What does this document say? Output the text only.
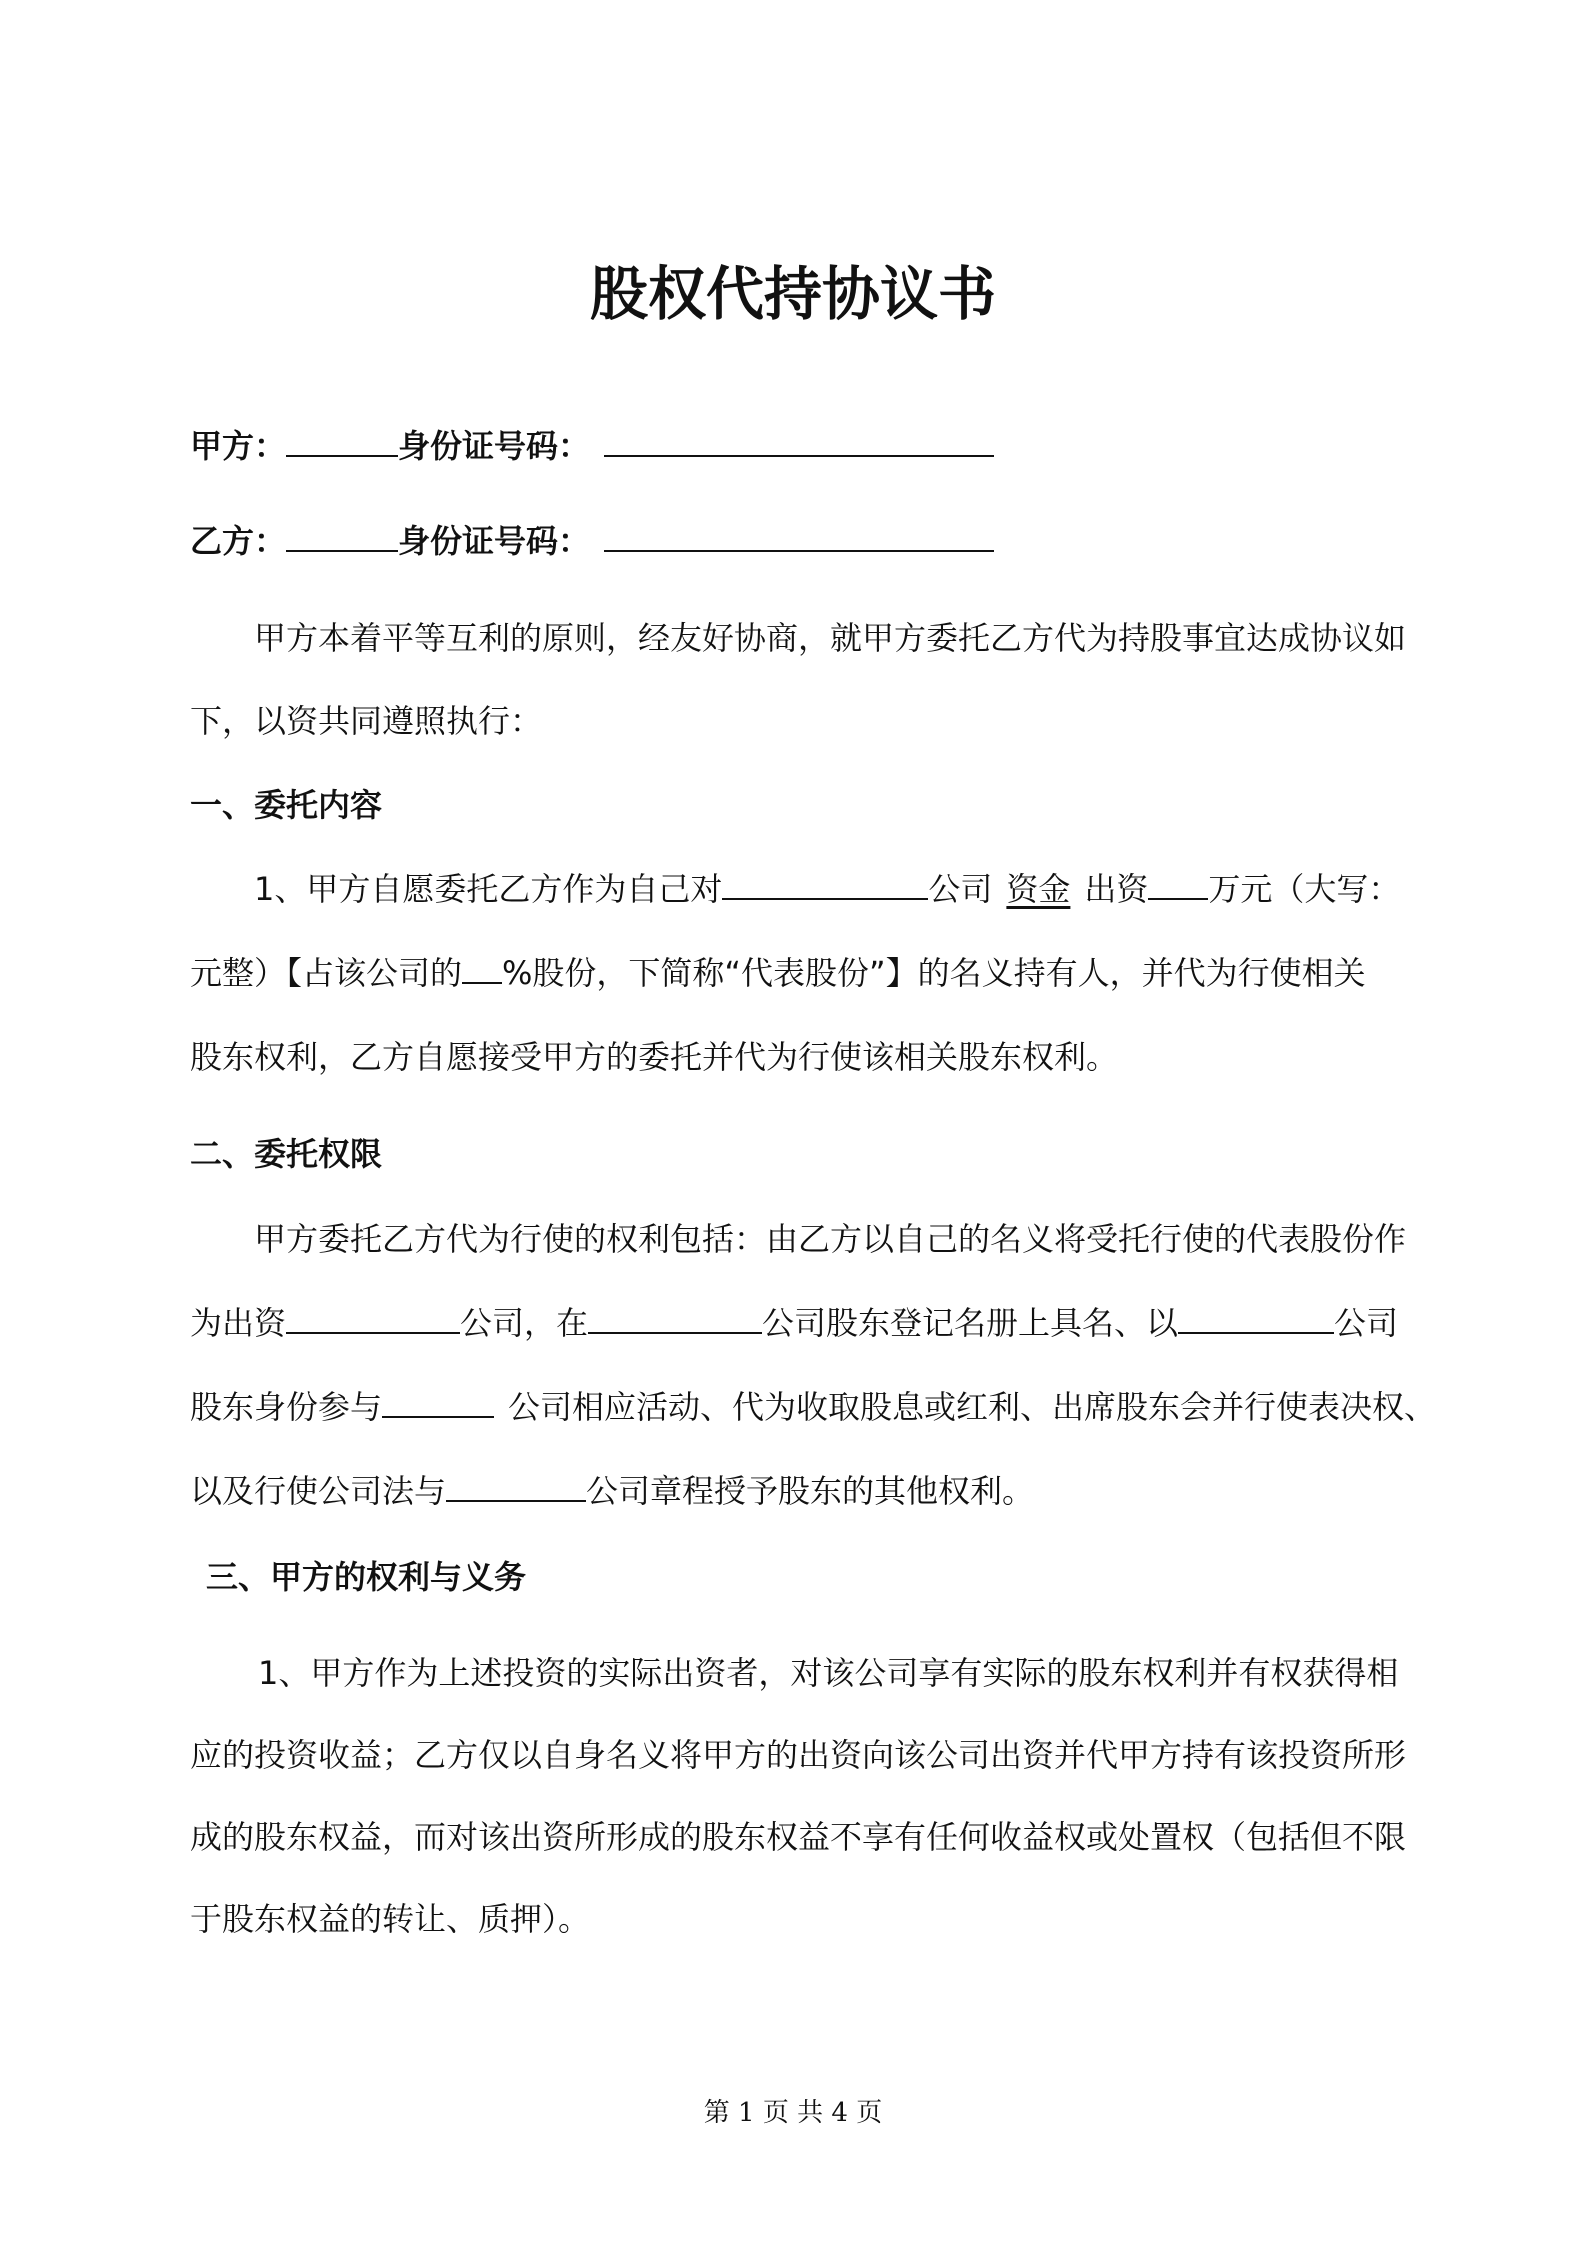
股权代持协议书
甲方：	身份证号码：
乙方：	身份证号码：
甲方本着平等互利的原则，经友好协商，就甲方委托乙方代为持股事宜达成协议如
下，以资共同遵照执行：
一、委托内容
1、甲方自愿委托乙方作为自己对	公司 资金 出资 万元（大写：
元整）【占该公司的 %股份，下简称“代表股份”】的名义持有人，并代为行使相关
股东权利，乙方自愿接受甲方的委托并代为行使该相关股东权利。
二、委托权限
甲方委托乙方代为行使的权利包括：由乙方以自己的名义将受托行使的代表股份作
为出资	公司，在	公司股东登记名册上具名、以	公司
股东身份参与	公司相应活动、代为收取股息或红利、出席股东会并行使表决权、
以及行使公司法与	公司章程授予股东的其他权利。
三、甲方的权利与义务
1、甲方作为上述投资的实际出资者，对该公司享有实际的股东权利并有权获得相
应的投资收益；乙方仅以自身名义将甲方的出资向该公司出资并代甲方持有该投资所形
成的股东权益，而对该出资所形成的股东权益不享有任何收益权或处置权（包括但不限
于股东权益的转让、质押）。
第 1 页 共 4 页
